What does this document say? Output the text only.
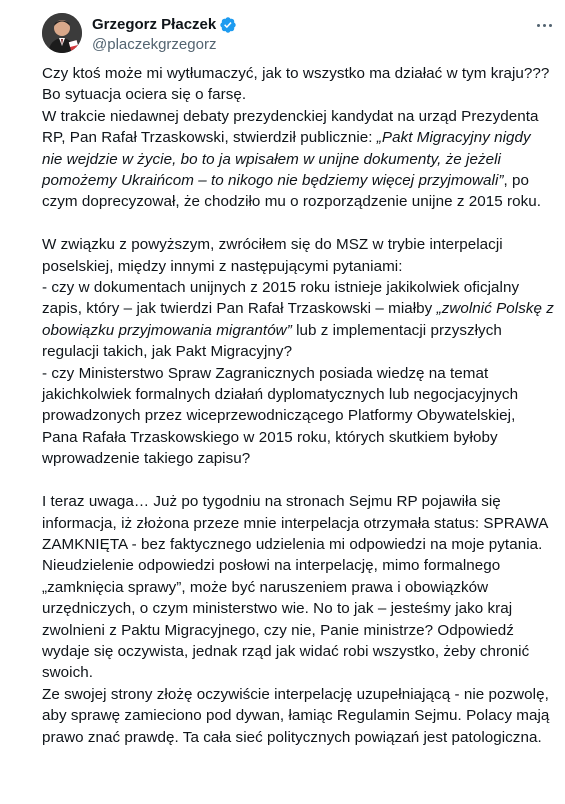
Grzegorz Płaczek
@placzekgrzegorz

Czy ktoś może mi wytłumaczyć, jak to wszystko ma działać w tym kraju??? Bo sytuacja ociera się o farsę.

W trakcie niedawnej debaty prezydenckiej kandydat na urząd Prezydenta RP, Pan Rafał Trzaskowski, stwierdził publicznie: „Pakt Migracyjny nigdy nie wejdzie w życie, bo to ja wpisałem w unijne dokumenty, że jeżeli pomożemy Ukraińcom – to nikogo nie będziemy więcej przyjmowali”, po czym doprecyzował, że chodziło mu o rozporządzenie unijne z 2015 roku.

W związku z powyższym, zwróciłem się do MSZ w trybie interpelacji poselskiej, między innymi z następującymi pytaniami:

- czy w dokumentach unijnych z 2015 roku istnieje jakikolwiek oficjalny zapis, który – jak twierdzi Pan Rafał Trzaskowski – miałby „zwolnić Polskę z obowiązku przyjmowania migrantów” lub z implementacji przyszłych regulacji takich, jak Pakt Migracyjny?

- czy Ministerstwo Spraw Zagranicznych posiada wiedzę na temat jakichkolwiek formalnych działań dyplomatycznych lub negocjacyjnych prowadzonych przez wiceprzewodniczącego Platformy Obywatelskiej, Pana Rafała Trzaskowskiego w 2015 roku, których skutkiem byłoby wprowadzenie takiego zapisu?

I teraz uwaga… Już po tygodniu na stronach Sejmu RP pojawiła się informacja, iż złożona przeze mnie interpelacja otrzymała status: SPRAWA ZAMKNIĘTA - bez faktycznego udzielenia mi odpowiedzi na moje pytania. Nieudzielenie odpowiedzi posłowi na interpelację, mimo formalnego „zamknięcia sprawy”, może być naruszeniem prawa i obowiązków urzędniczych, o czym ministerstwo wie. No to jak – jesteśmy jako kraj zwolnieni z Paktu Migracyjnego, czy nie, Panie ministrze? Odpowiedź wydaje się oczywista, jednak rząd jak widać robi wszystko, żeby chronić swoich.

Ze swojej strony złożę oczywiście interpelację uzupełniającą - nie pozwolę, aby sprawę zamieciono pod dywan, łamiąc Regulamin Sejmu. Polacy mają prawo znać prawdę. Ta cała sieć politycznych powiązań jest patologiczna.
